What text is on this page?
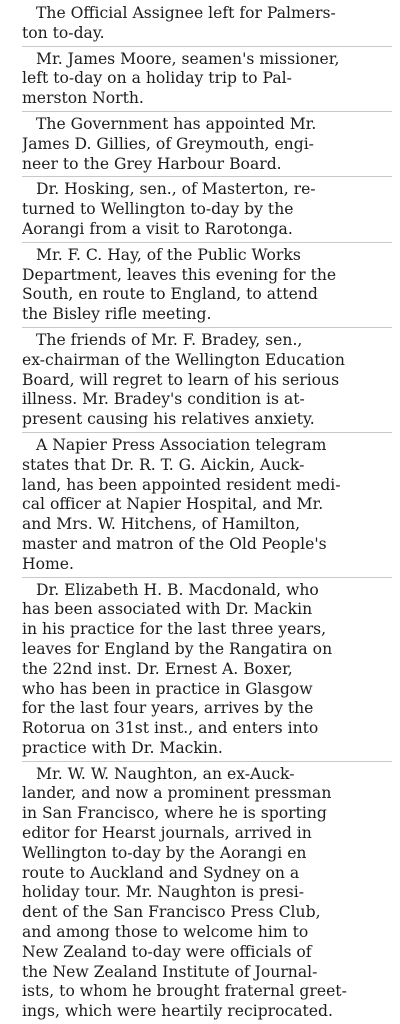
The Official Assignee left for Palmers-
ton to-day.
Mr. James Moore, seamen's missioner,
left to-day on a holiday trip to Pal-
merston North.
The Government has appointed Mr.
James D. Gillies, of Greymouth, engi-
neer to the Grey Harbour Board.
Dr. Hosking, sen., of Masterton, re-
turned to Wellington to-day by the
Aorangi from a visit to Rarotonga.
Mr. F. C. Hay, of the Public Works
Department, leaves this evening for the
South, en route to England, to attend
the Bisley rifle meeting.
The friends of Mr. F. Bradey, sen.,
ex-chairman of the Wellington Education
Board, will regret to learn of his serious
illness. Mr. Bradey's condition is at-
present causing his relatives anxiety.
A Napier Press Association telegram
states that Dr. R. T. G. Aickin, Auck-
land, has been appointed resident medi-
cal officer at Napier Hospital, and Mr.
and Mrs. W. Hitchens, of Hamilton,
master and matron of the Old People's
Home.
Dr. Elizabeth H. B. Macdonald, who
has been associated with Dr. Mackin
in his practice for the last three years,
leaves for England by the Rangatira on
the 22nd inst. Dr. Ernest A. Boxer,
who has been in practice in Glasgow
for the last four years, arrives by the
Rotorua on 31st inst., and enters into
practice with Dr. Mackin.
Mr. W. W. Naughton, an ex-Auck-
lander, and now a prominent pressman
in San Francisco, where he is sporting
editor for Hearst journals, arrived in
Wellington to-day by the Aorangi en
route to Auckland and Sydney on a
holiday tour. Mr. Naughton is presi-
dent of the San Francisco Press Club,
and among those to welcome him to
New Zealand to-day were officials of
the New Zealand Institute of Journal-
ists, to whom he brought fraternal greet-
ings, which were heartily reciprocated.
